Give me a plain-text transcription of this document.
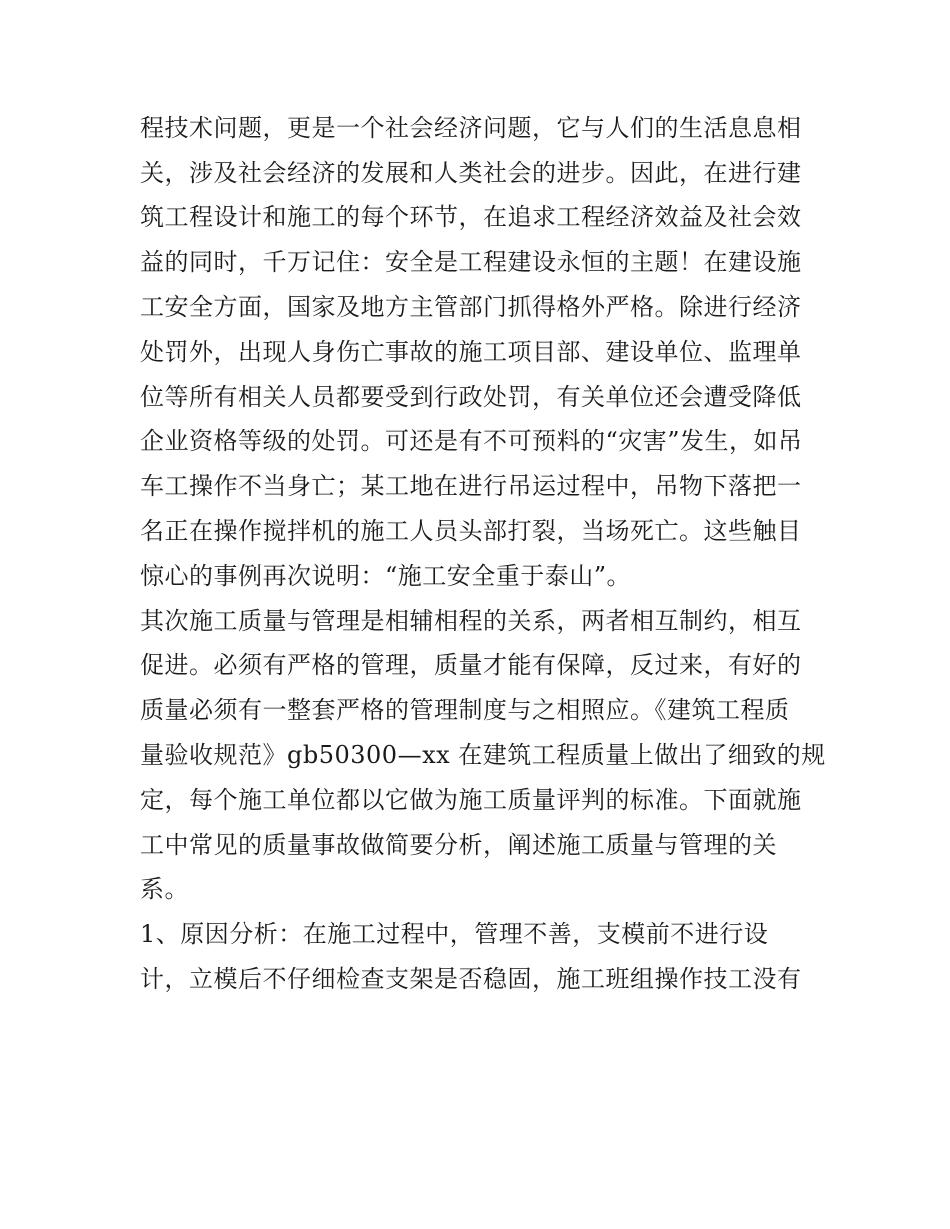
程技术问题，更是一个社会经济问题，它与人们的生活息息相
关，涉及社会经济的发展和人类社会的进步。因此，在进行建
筑工程设计和施工的每个环节，在追求工程经济效益及社会效
益的同时，千万记住：安全是工程建设永恒的主题！在建设施
工安全方面，国家及地方主管部门抓得格外严格。除进行经济
处罚外，出现人身伤亡事故的施工项目部、建设单位、监理单
位等所有相关人员都要受到行政处罚，有关单位还会遭受降低
企业资格等级的处罚。可还是有不可预料的“灾害”发生，如吊
车工操作不当身亡；某工地在进行吊运过程中，吊物下落把一
名正在操作搅拌机的施工人员头部打裂，当场死亡。这些触目
惊心的事例再次说明：“施工安全重于泰山”。
其次施工质量与管理是相辅相程的关系，两者相互制约，相互
促进。必须有严格的管理，质量才能有保障，反过来，有好的
质量必须有一整套严格的管理制度与之相照应。《建筑工程质
量验收规范》gb50300—xx 在建筑工程质量上做出了细致的规
定，每个施工单位都以它做为施工质量评判的标准。下面就施
工中常见的质量事故做简要分析，阐述施工质量与管理的关
系。
1、原因分析：在施工过程中，管理不善，支模前不进行设
计，立模后不仔细检查支架是否稳固，施工班组操作技工没有
